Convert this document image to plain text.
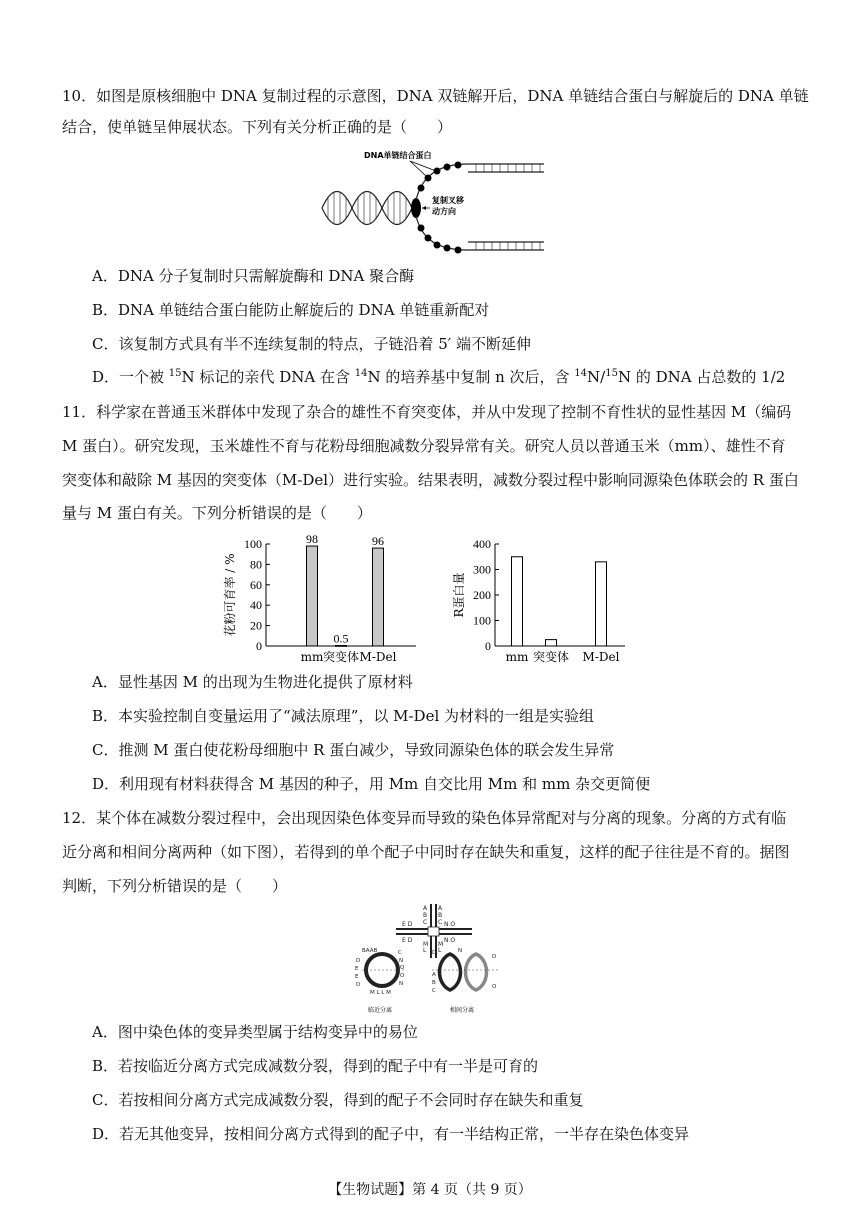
10．如图是原核细胞中 DNA 复制过程的示意图，DNA 双链解开后，DNA 单链结合蛋白与解旋后的 DNA 单链
结合，使单链呈伸展状态。下列有关分析正确的是（　　）
DNA单链结合蛋白
复制叉移
动方向
A．DNA 分子复制时只需解旋酶和 DNA 聚合酶
B．DNA 单链结合蛋白能防止解旋后的 DNA 单链重新配对
C．该复制方式具有半不连续复制的特点，子链沿着 5′ 端不断延伸
D．一个被 $^{15}$N 标记的亲代 DNA 在含 $^{14}$N 的培养基中复制 n 次后，含 $^{14}$N/$^{15}$N 的 DNA 占总数的 1/2
11．科学家在普通玉米群体中发现了杂合的雄性不育突变体，并从中发现了控制不育性状的显性基因 M（编码
M 蛋白）。研究发现，玉米雄性不育与花粉母细胞减数分裂异常有关。研究人员以普通玉米（mm）、雄性不育
突变体和敲除 M 基因的突变体（M-Del）进行实验。结果表明，减数分裂过程中影响同源染色体联会的 R 蛋白
量与 M 蛋白有关。下列分析错误的是（　　）
0
20
40
60
80
100
花粉可育率 / %
mm
98
突变体
0.5
M-Del
96
0
100
200
300
400
R蛋白量
mm 突变体 M-Del
A．显性基因 M 的出现为生物进化提供了原材料
B．本实验控制自变量运用了“减法原理”，以 M-Del 为材料的一组是实验组
C．推测 M 蛋白使花粉母细胞中 R 蛋白减少，导致同源染色体的联会发生异常
D．利用现有材料获得含 M 基因的种子，用 Mm 自交比用 Mm 和 mm 杂交更简便
12．某个体在减数分裂过程中，会出现因染色体变异而导致的染色体异常配对与分离的现象。分离的方式有临
近分离和相间分离两种（如下图），若得到的单个配子中同时存在缺失和重复，这样的配子往往是不育的。据图
判断，下列分析错误的是（　　）
A A
B B
C C
E D	N O
E D	N O
M M
L L
BAAB	C
N
O
O
N
D
E
E
D
M L L M
D	N
A
B
C
D
O
临近分离	相间分离
A．图中染色体的变异类型属于结构变异中的易位
B．若按临近分离方式完成减数分裂，得到的配子中有一半是可育的
C．若按相间分离方式完成减数分裂，得到的配子不会同时存在缺失和重复
D．若无其他变异，按相间分离方式得到的配子中，有一半结构正常，一半存在染色体变异
【生物试题】第 4 页（共 9 页）
